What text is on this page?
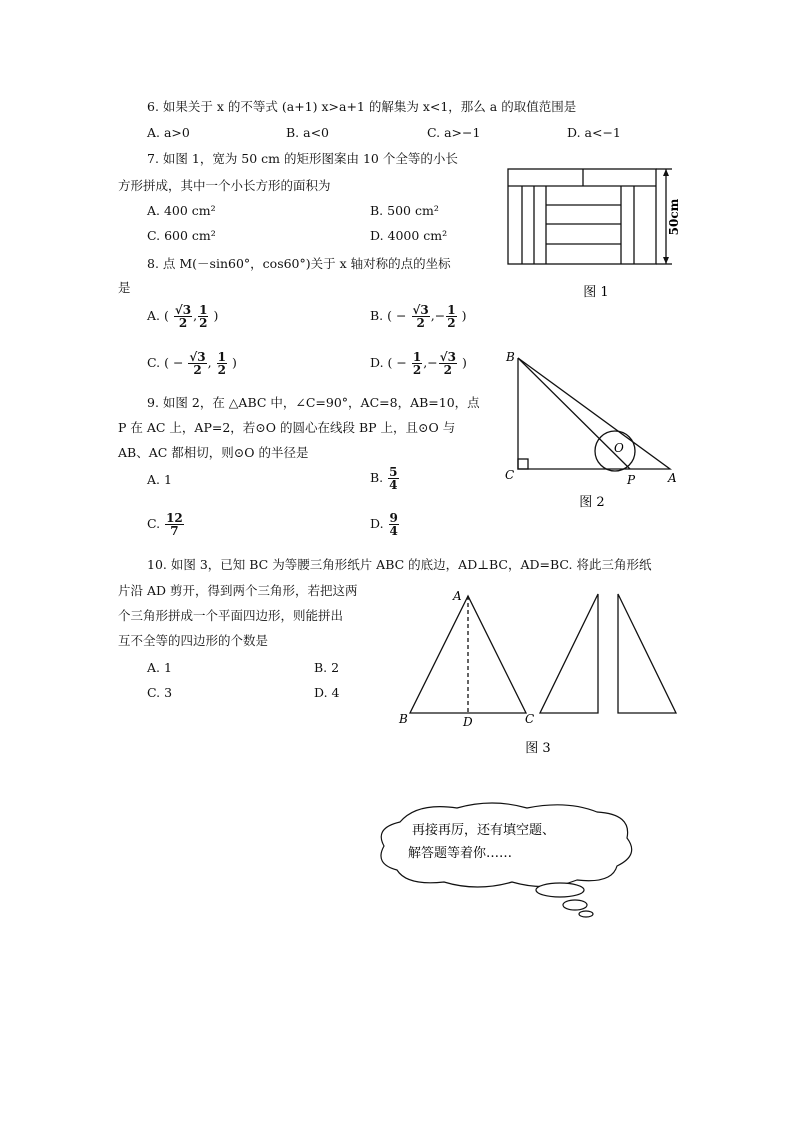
6. 如果关于 x 的不等式 (a+1) x>a+1 的解集为 x<1，那么 a 的取值范围是
A. a>0	B. a<0	C. a>−1	D. a<−1
7. 如图 1，宽为 50 cm 的矩形图案由 10 个全等的小长
方形拼成，其中一个小长方形的面积为
A. 400 cm²	B. 500 cm²
C. 600 cm²	D. 4000 cm²
50cm
图 1
8. 点 M(－sin60°，cos60°)关于 x 轴对称的点的坐标
是
A. ( $\frac{√3}{2}$ , $\frac{1}{2}$ )	B. ( − $\frac{√3}{2}$ ,− $\frac{1}{2}$ )
C. ( − $\frac{√3}{2}$ , $\frac{1}{2}$ )	D. ( − $\frac{1}{2}$ ,− $\frac{√3}{2}$ )	B
C	P	A
O
图 2
9. 如图 2，在 △ABC 中，∠C=90°，AC=8，AB=10，点
P 在 AC 上，AP=2，若⊙O 的圆心在线段 BP 上，且⊙O 与
AB、AC 都相切，则⊙O 的半径是
A. 1	B. $\frac{5}{4}$
C. $\frac{12}{7}$	D. $\frac{9}{4}$
10. 如图 3，已知 BC 为等腰三角形纸片 ABC 的底边，AD⊥BC，AD=BC. 将此三角形纸
片沿 AD 剪开，得到两个三角形，若把这两
个三角形拼成一个平面四边形，则能拼出
互不全等的四边形的个数是
A. 1	B. 2
C. 3	D. 4
A
B	D	C
图 3
再接再厉，还有填空题、
解答题等着你……
